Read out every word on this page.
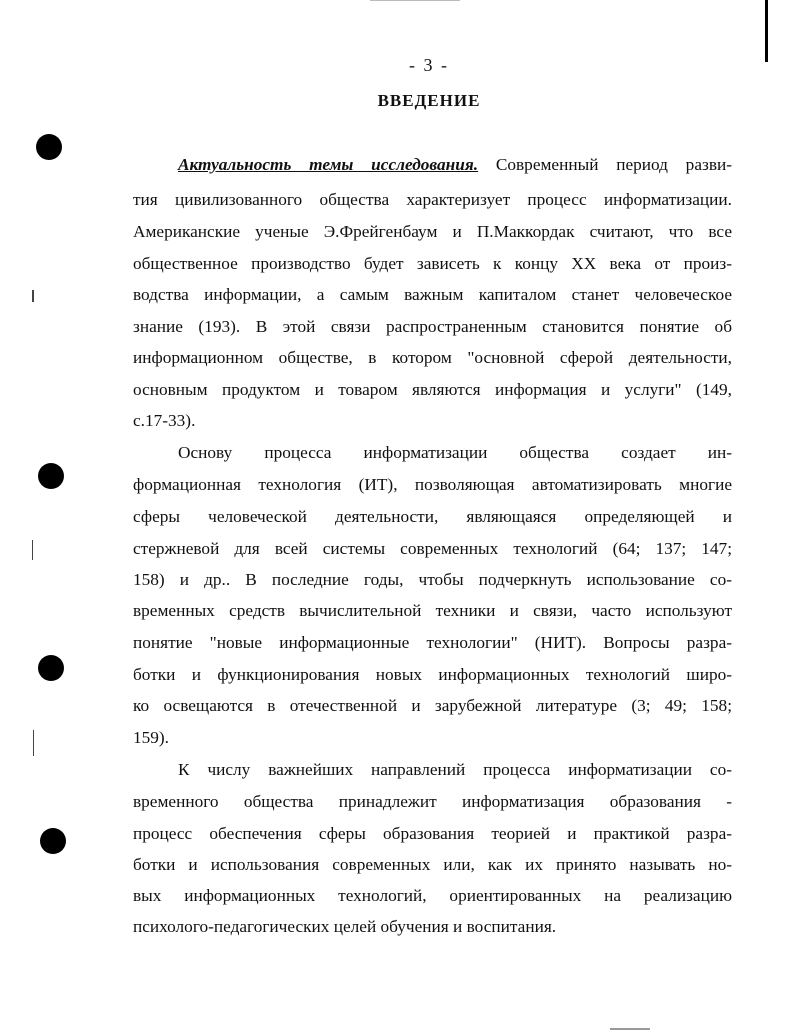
- 3 -
ВВЕДЕНИЕ
Актуальность темы исследования. Современный период разви-
тия цивилизованного общества характеризует процесс информатизации.
Американские ученые Э.Фрейгенбаум и П.Маккордак считают, что все
общественное производство будет зависеть к концу XX века от произ-
водства информации, а самым важным капиталом станет человеческое
знание (193). В этой связи распространенным становится понятие об
информационном обществе, в котором "основной сферой деятельности,
основным продуктом и товаром являются информация и услуги" (149,
с.17-33).
Основу процесса информатизации общества создает ин-
формационная технология (ИТ), позволяющая автоматизировать многие
сферы человеческой деятельности, являющаяся определяющей и
стержневой для всей системы современных технологий (64; 137; 147;
158) и др.. В последние годы, чтобы подчеркнуть использование со-
временных средств вычислительной техники и связи, часто используют
понятие "новые информационные технологии" (НИТ). Вопросы разра-
ботки и функционирования новых информационных технологий широ-
ко освещаются в отечественной и зарубежной литературе (3; 49; 158;
159).
К числу важнейших направлений процесса информатизации со-
временного общества принадлежит информатизация образования -
процесс обеспечения сферы образования теорией и практикой разра-
ботки и использования современных или, как их принято называть но-
вых информационных технологий, ориентированных на реализацию
психолого-педагогических целей обучения и воспитания.
